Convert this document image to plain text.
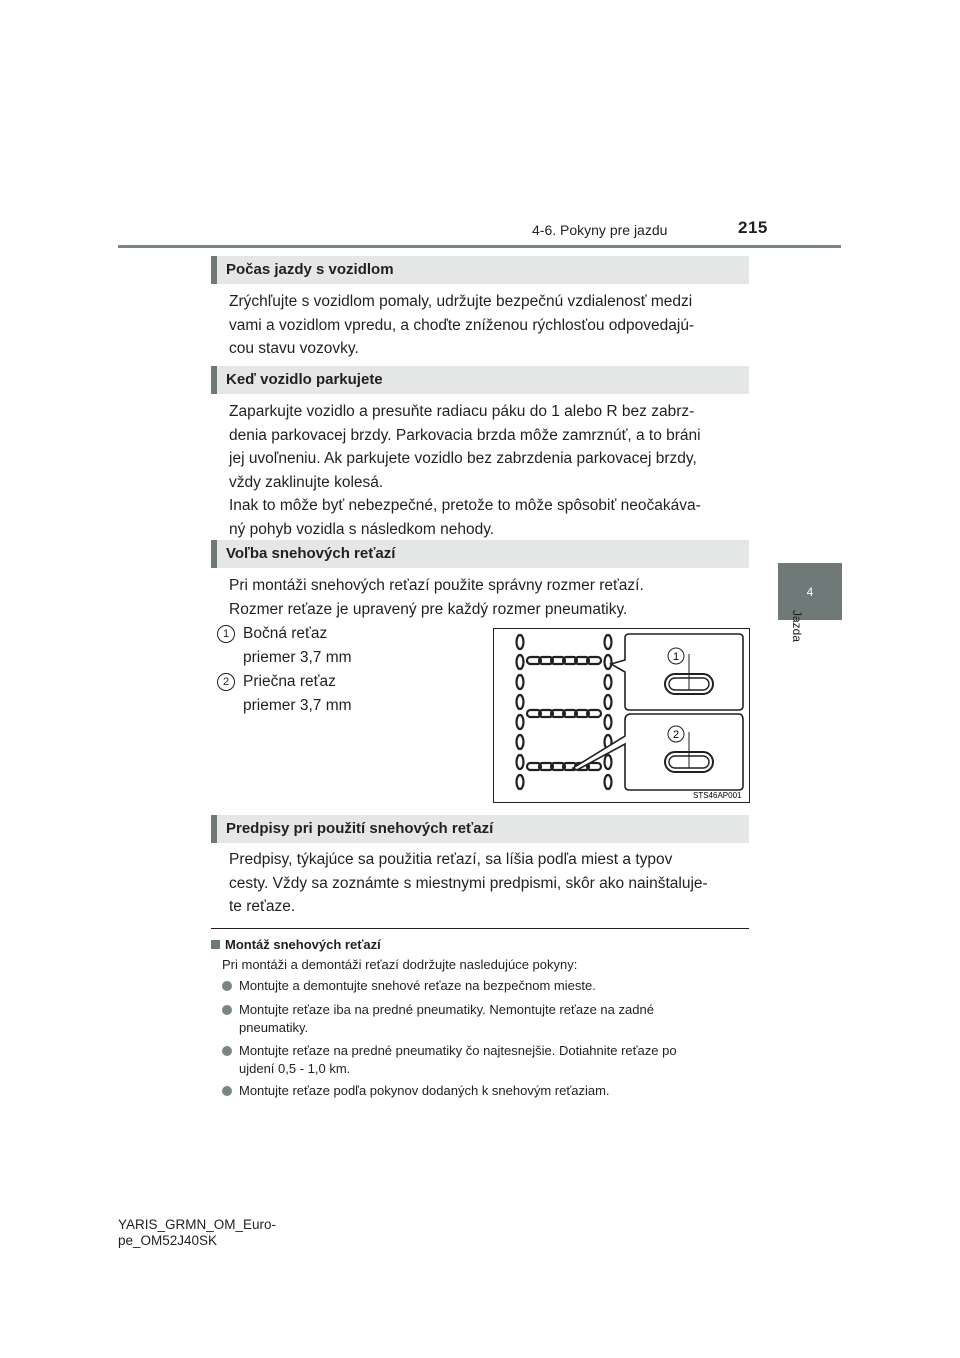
4-6. Pokyny pre jazdu	215
4
Jazda
Počas jazdy s vozidlom

Zrýchľujte s vozidlom pomaly, udržujte bezpečnú vzdialenosť medzi
vami a vozidlom vpredu, a choďte zníženou rýchlosťou odpovedajú-
cou stavu vozovky.

Keď vozidlo parkujete

Zaparkujte vozidlo a presuňte radiacu páku do 1 alebo R bez zabrz-
denia parkovacej brzdy. Parkovacia brzda môže zamrznúť, a to bráni
jej uvoľneniu. Ak parkujete vozidlo bez zabrzdenia parkovacej brzdy,
vždy zaklinujte kolesá.
Inak to môže byť nebezpečné, pretože to môže spôsobiť neočakáva-
ný pohyb vozidla s následkom nehody.

Voľba snehových reťazí

Pri montáži snehových reťazí použite správny rozmer reťazí.
Rozmer reťaze je upravený pre každý rozmer pneumatiky.

1 Bočná reťaz
priemer 3,7 mm
2 Priečna reťaz
priemer 3,7 mm
1
2
STS46AP001
Predpisy pri použití snehových reťazí

Predpisy, týkajúce sa použitia reťazí, sa líšia podľa miest a typov
cesty. Vždy sa zoznámte s miestnymi predpismi, skôr ako nainštaluje-
te reťaze.

Montáž snehových reťazí
Pri montáži a demontáži reťazí dodržujte nasledujúce pokyny:
Montujte a demontujte snehové reťaze na bezpečnom mieste.
Montujte reťaze iba na predné pneumatiky. Nemontujte reťaze na zadné
pneumatiky.
Montujte reťaze na predné pneumatiky čo najtesnejšie. Dotiahnite reťaze po
ujdení 0,5 - 1,0 km.
Montujte reťaze podľa pokynov dodaných k snehovým reťaziam.
YARIS_GRMN_OM_Euro-
pe_OM52J40SK
